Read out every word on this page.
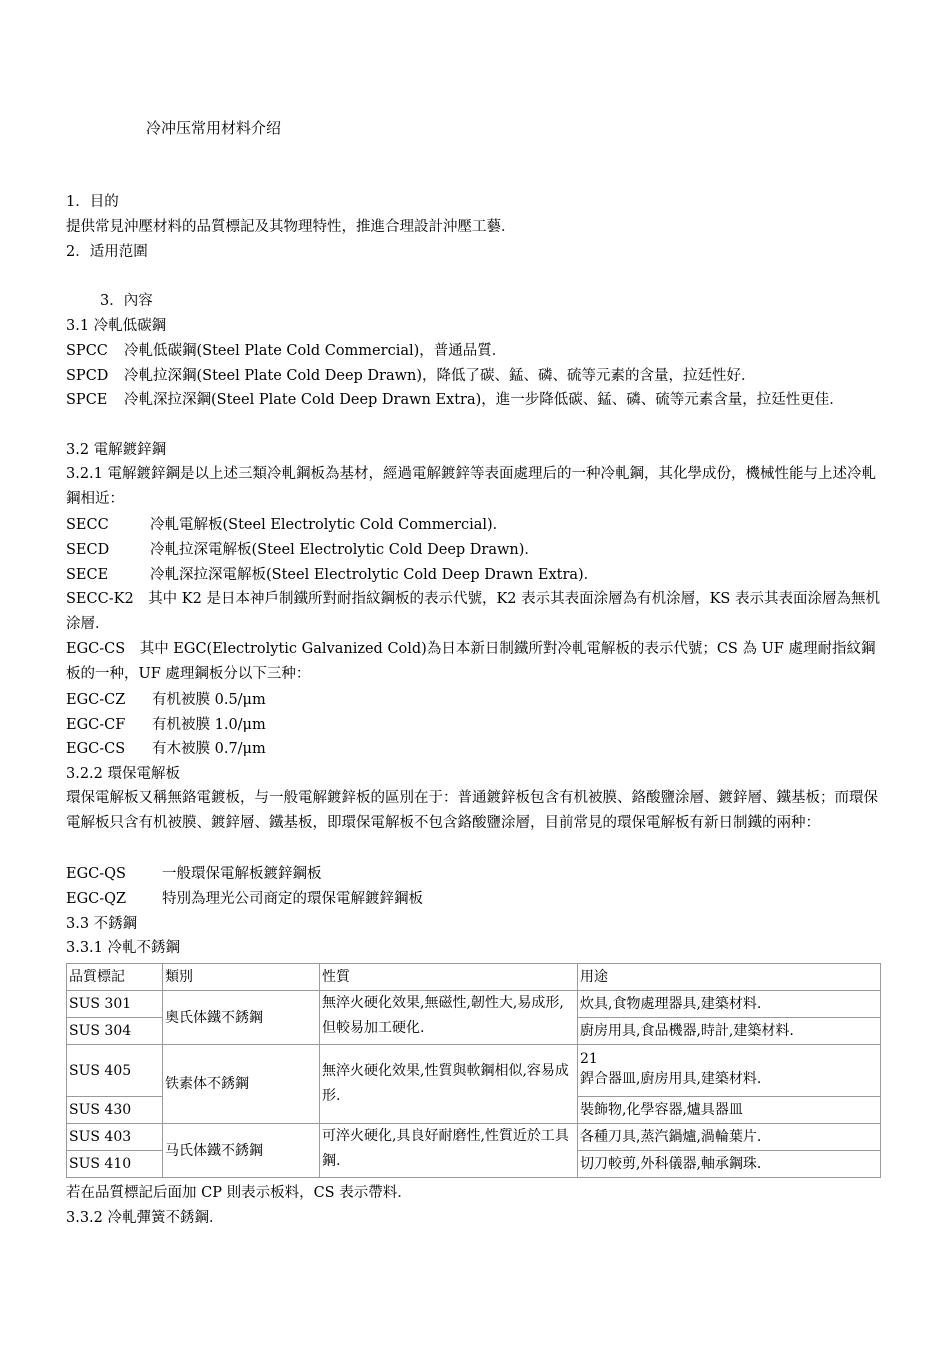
冷冲压常用材料介绍
1．目的
提供常見沖壓材料的品質標記及其物理特性，推進合理設計沖壓工藝．
2．适用范圍
3．內容
3.1 冷軋低碳鋼
SPCC 冷軋低碳鋼(Steel Plate Cold Commercial)，普通品質．
SPCD 冷軋拉深鋼(Steel Plate Cold Deep Drawn)，降低了碳、錳、磷、硫等元素的含量，拉廷性好．
SPCE 冷軋深拉深鋼(Steel Plate Cold Deep Drawn Extra)，進一步降低碳、錳、磷、硫等元素含量，拉廷性更佳．
3.2 電解鍍鋅鋼
3.2.1 電解鍍鋅鋼是以上述三類冷軋鋼板為基材，經過電解鍍鋅等表面處理后的一种冷軋鋼，其化學成份，機械性能与上述冷軋鋼相近：
SECC	冷軋電解板(Steel Electrolytic Cold Commercial)．
SECD	冷軋拉深電解板(Steel Electrolytic Cold Deep Drawn)．
SECE	冷軋深拉深電解板(Steel Electrolytic Cold Deep Drawn Extra)．
SECC-K2　其中 K2 是日本神戶制鐵所對耐指紋鋼板的表示代號，K2 表示其表面涂層為有机涂層，KS 表示其表面涂層為無机涂層．
EGC-CS　其中 EGC(Electrolytic Galvanized Cold)為日本新日制鐵所對冷軋電解板的表示代號；CS 為 UF 處理耐指紋鋼板的一种，UF 處理鋼板分以下三种：
EGC-CZ 有机被膜 0.5/μm
EGC-CF 有机被膜 1.0/μm
EGC-CS 有木被膜 0.7/μm
3.2.2 環保電解板
環保電解板又稱無鉻電鍍板，与一般電解鍍鋅板的區別在于：普通鍍鋅板包含有机被膜、鉻酸鹽涂層、鍍鋅層、鐵基板；而環保電解板只含有机被膜、鍍鋅層、鐵基板，即環保電解板不包含鉻酸鹽涂層，目前常見的環保電解板有新日制鐵的兩种：
EGC-QS 一般環保電解板鍍鋅鋼板
EGC-QZ 特別為理光公司商定的環保電解鍍鋅鋼板
3.3 不銹鋼
3.3.1 冷軋不銹鋼
品質標記	類別	性質	用途
SUS 301	奧氏体鐵不銹鋼	無淬火硬化效果,無磁性,韌性大,易成形,但較易加工硬化.	炊具,食物處理器具,建築材料.
SUS 304			廚房用具,食品機器,時計,建築材料.
SUS 405	铁素体不銹鋼	無淬火硬化效果,性質與軟鋼相似,容易成形.	21
銲合器皿,廚房用具,建築材料.
SUS 430			裝飾物,化學容器,爐具器皿
SUS 403	马氏体鐵不銹鋼	可淬火硬化,具良好耐磨性,性質近於工具鋼.	各種刀具,蒸汽鍋爐,渦輪葉片.
SUS 410			切刀較剪,外科儀器,軸承鋼珠.
若在品質標記后面加 CP 則表示板料，CS 表示帶料．
3.3.2 冷軋彈簧不銹鋼．
